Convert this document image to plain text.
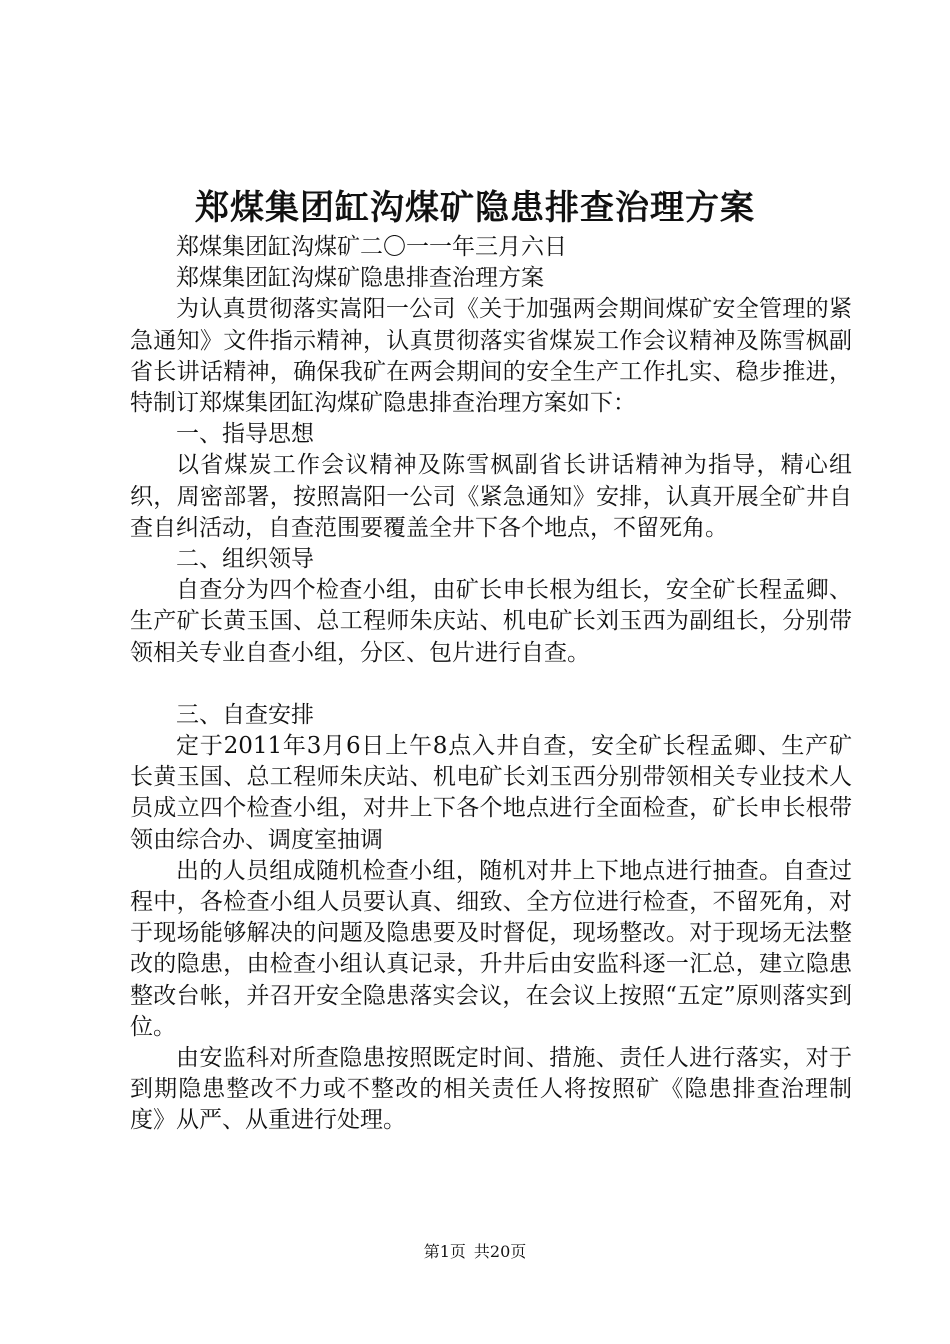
郑煤集团缸沟煤矿隐患排查治理方案

郑煤集团缸沟煤矿二〇一一年三月六日

郑煤集团缸沟煤矿隐患排查治理方案

为认真贯彻落实嵩阳一公司《关于加强两会期间煤矿安全管理的紧急通知》文件指示精神，认真贯彻落实省煤炭工作会议精神及陈雪枫副省长讲话精神，确保我矿在两会期间的安全生产工作扎实、稳步推进，特制订郑煤集团缸沟煤矿隐患排查治理方案如下：

一、指导思想

以省煤炭工作会议精神及陈雪枫副省长讲话精神为指导，精心组织，周密部署，按照嵩阳一公司《紧急通知》安排，认真开展全矿井自查自纠活动，自查范围要覆盖全井下各个地点，不留死角。

二、组织领导

自查分为四个检查小组，由矿长申长根为组长，安全矿长程孟卿、生产矿长黄玉国、总工程师朱庆站、机电矿长刘玉西为副组长，分别带领相关专业自查小组，分区、包片进行自查。

三、自查安排

定于2011年3月6日上午8点入井自查，安全矿长程孟卿、生产矿长黄玉国、总工程师朱庆站、机电矿长刘玉西分别带领相关专业技术人员成立四个检查小组，对井上下各个地点进行全面检查，矿长申长根带领由综合办、调度室抽调

出的人员组成随机检查小组，随机对井上下地点进行抽查。自查过程中，各检查小组人员要认真、细致、全方位进行检查，不留死角，对于现场能够解决的问题及隐患要及时督促，现场整改。对于现场无法整改的隐患，由检查小组认真记录，升井后由安监科逐一汇总，建立隐患整改台帐，并召开安全隐患落实会议，在会议上按照“五定”原则落实到位。

由安监科对所查隐患按照既定时间、措施、责任人进行落实，对于到期隐患整改不力或不整改的相关责任人将按照矿《隐患排查治理制度》从严、从重进行处理。

第1页 共20页
